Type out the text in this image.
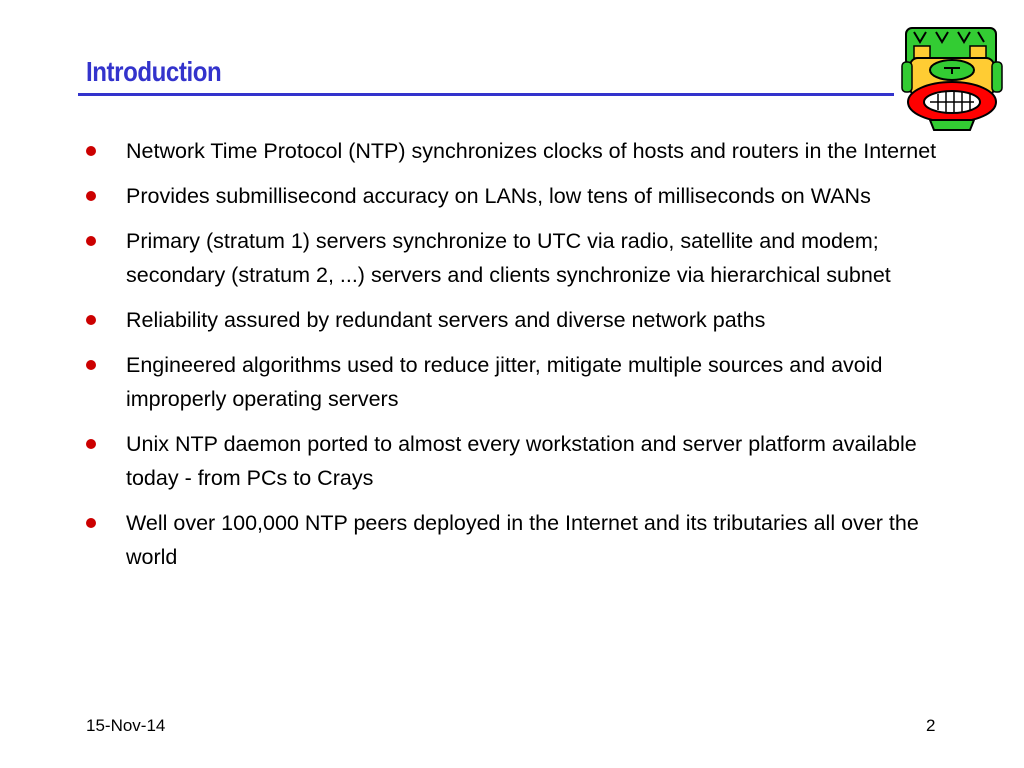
Introduction
Network Time Protocol (NTP) synchronizes clocks of hosts and routers in the Internet
Provides submillisecond accuracy on LANs, low tens of milliseconds on WANs
Primary (stratum 1) servers synchronize to UTC via radio, satellite and modem; secondary (stratum 2, ...) servers and clients synchronize via hierarchical subnet
Reliability assured by redundant servers and diverse network paths
Engineered algorithms used to reduce jitter, mitigate multiple sources and avoid improperly operating servers
Unix NTP daemon ported to almost every workstation and server platform available today - from PCs to Crays
Well over 100,000 NTP peers deployed in the Internet and its tributaries all over the world
15-Nov-14	2
